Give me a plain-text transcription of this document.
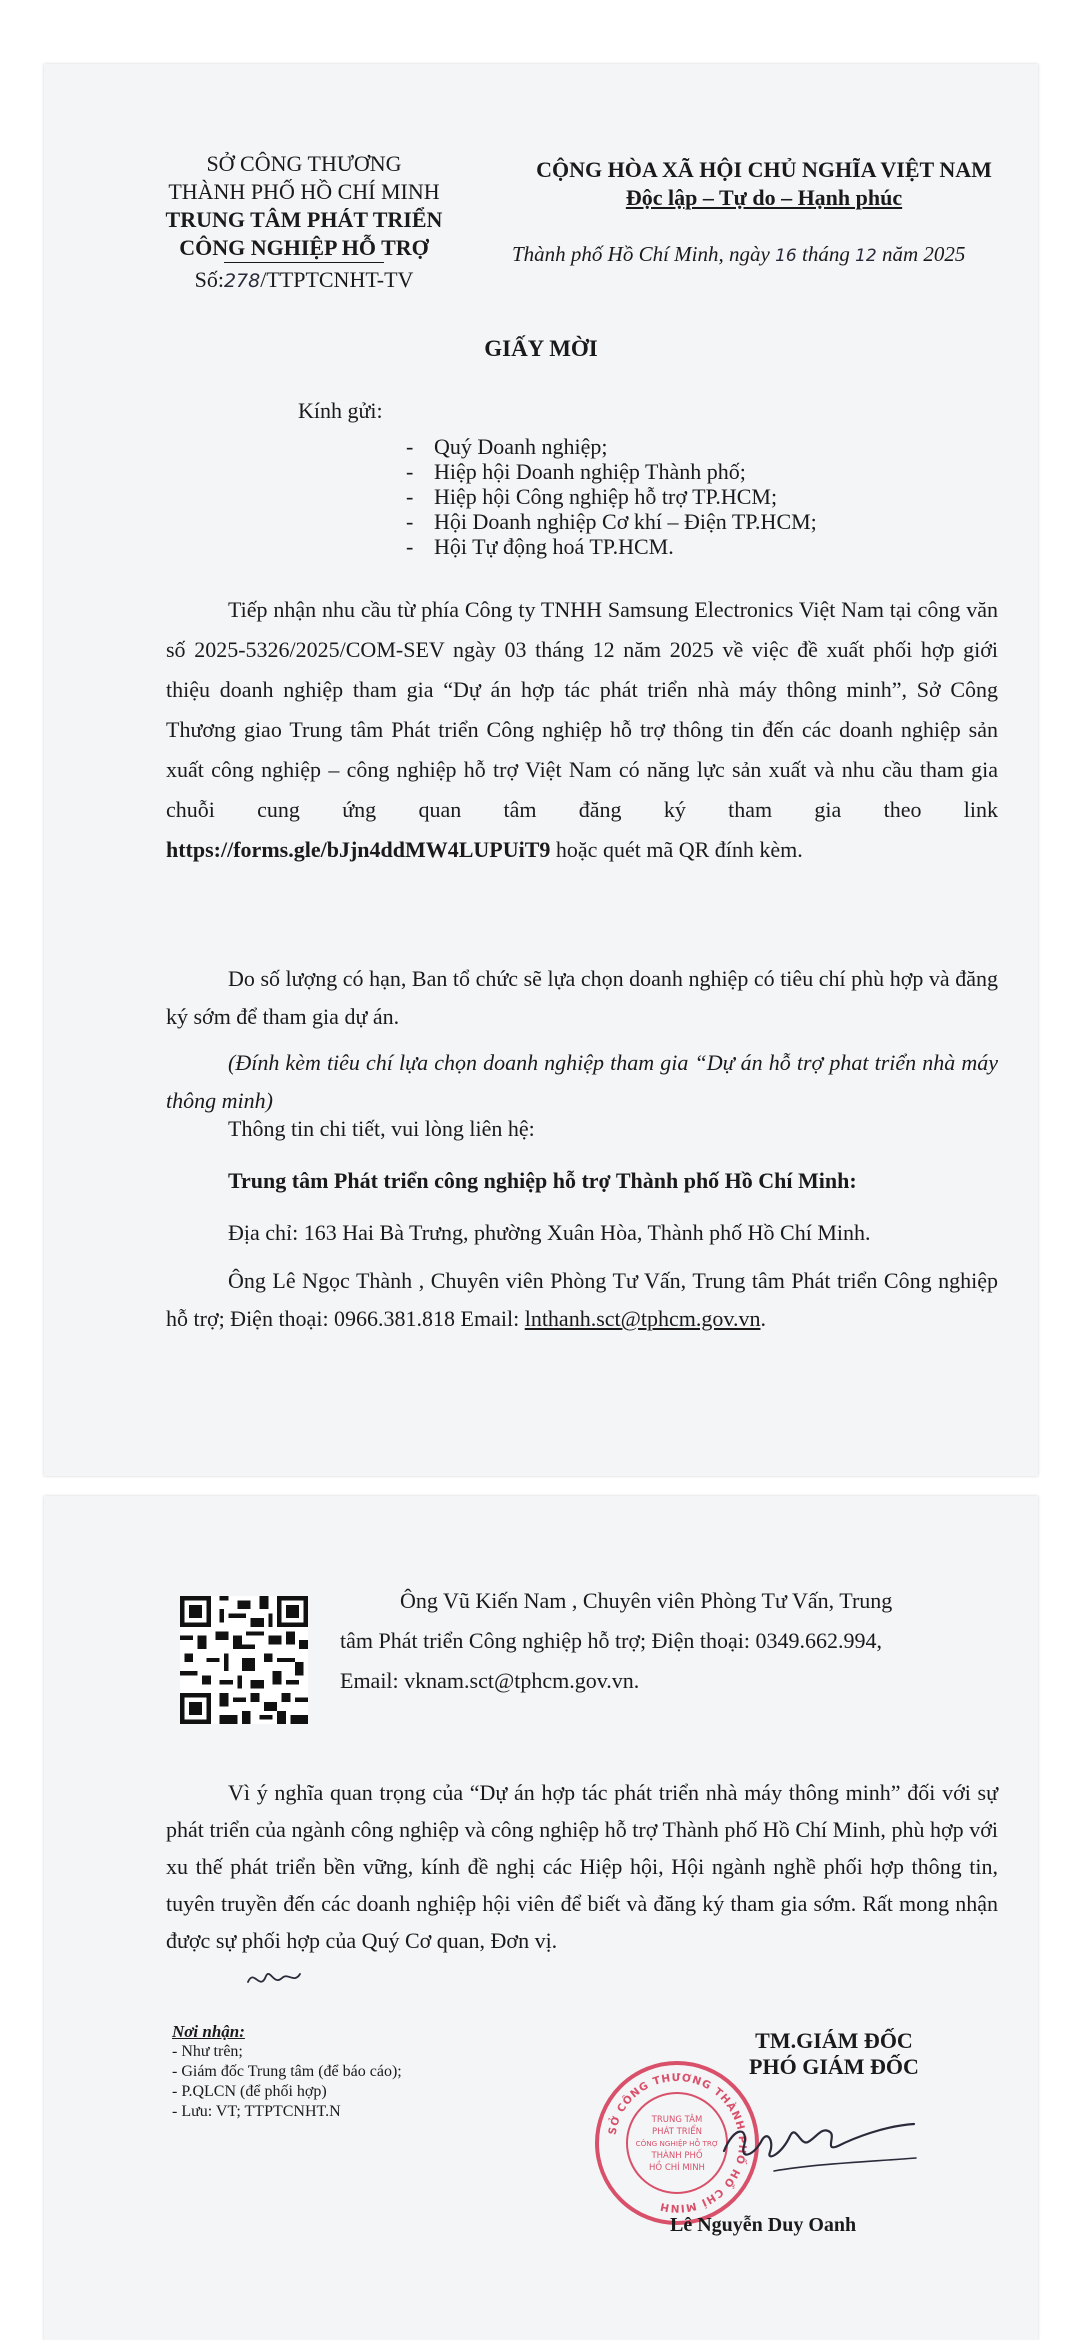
SỞ CÔNG THƯƠNG
THÀNH PHỐ HỒ CHÍ MINH
TRUNG TÂM PHÁT TRIỂN
CÔNG NGHIỆP HỖ TRỢ
Số:278/TTPTCNHT-TV
CỘNG HÒA XÃ HỘI CHỦ NGHĨA VIỆT NAM
Độc lập – Tự do – Hạnh phúc
Thành phố Hồ Chí Minh, ngày 16 tháng 12 năm 2025
GIẤY MỜI
Kính gửi:
- Quý Doanh nghiệp;
- Hiệp hội Doanh nghiệp Thành phố;
- Hiệp hội Công nghiệp hỗ trợ TP.HCM;
- Hội Doanh nghiệp Cơ khí – Điện TP.HCM;
- Hội Tự động hoá TP.HCM.
Tiếp nhận nhu cầu từ phía Công ty TNHH Samsung Electronics Việt Nam tại công văn số 2025-5326/2025/COM-SEV ngày 03 tháng 12 năm 2025 về việc đề xuất phối hợp giới thiệu doanh nghiệp tham gia “Dự án hợp tác phát triển nhà máy thông minh”, Sở Công Thương giao Trung tâm Phát triển Công nghiệp hỗ trợ thông tin đến các doanh nghiệp sản xuất công nghiệp – công nghiệp hỗ trợ Việt Nam có năng lực sản xuất và nhu cầu tham gia chuỗi cung ứng quan tâm đăng ký tham gia theo link https://forms.gle/bJjn4ddMW4LUPUiT9 hoặc quét mã QR đính kèm.
Do số lượng có hạn, Ban tổ chức sẽ lựa chọn doanh nghiệp có tiêu chí phù hợp và đăng ký sớm để tham gia dự án.
(Đính kèm tiêu chí lựa chọn doanh nghiệp tham gia “Dự án hỗ trợ phat triển nhà máy thông minh)
Thông tin chi tiết, vui lòng liên hệ:
Trung tâm Phát triển công nghiệp hỗ trợ Thành phố Hồ Chí Minh:
Địa chỉ: 163 Hai Bà Trưng, phường Xuân Hòa, Thành phố Hồ Chí Minh.
Ông Lê Ngọc Thành , Chuyên viên Phòng Tư Vấn, Trung tâm Phát triển Công nghiệp hỗ trợ; Điện thoại: 0966.381.818 Email: lnthanh.sct@tphcm.gov.vn.
Ông Vũ Kiến Nam , Chuyên viên Phòng Tư Vấn, Trung
tâm Phát triển Công nghiệp hỗ trợ; Điện thoại: 0349.662.994,
Email: vknam.sct@tphcm.gov.vn.
Vì ý nghĩa quan trọng của “Dự án hợp tác phát triển nhà máy thông minh” đối với sự phát triển của ngành công nghiệp và công nghiệp hỗ trợ Thành phố Hồ Chí Minh, phù hợp với xu thế phát triển bền vững, kính đề nghị các Hiệp hội, Hội ngành nghề phối hợp thông tin, tuyên truyền đến các doanh nghiệp hội viên để biết và đăng ký tham gia sớm. Rất mong nhận được sự phối hợp của Quý Cơ quan, Đơn vị.
Nơi nhận:
- Như trên;
- Giám đốc Trung tâm (để báo cáo);
- P.QLCN (để phối hợp)
- Lưu: VT; TTPTCNHT.N
TM.GIÁM ĐỐC
PHÓ GIÁM ĐỐC
SỞ CÔNG THƯƠNG THÀNH PHỐ HỒ CHÍ MINH
TRUNG TÂM
PHÁT TRIỂN
CÔNG NGHIỆP HỖ TRỢ
THÀNH PHỐ
HỒ CHÍ MINH
Lê Nguyễn Duy Oanh
